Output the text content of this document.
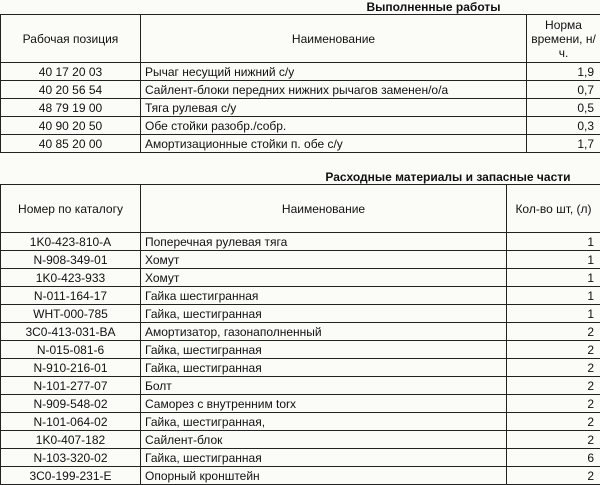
	Выполненные работы	
Рабочая позиция	Наименование	Норма времени, н/ч.
40 17 20 03	Рычаг несущий нижний с/у	1,9
40 20 56 54	Сайлент-блоки передних нижних рычагов заменен/о/а	0,7
48 79 19 00	Тяга рулевая с/у	0,5
40 90 20 50	Обе стойки разобр./собр.	0,3
40 85 20 00	Амортизационные стойки п. обе с/у	1,7
	Расходные материалы и запасные части	
Номер по каталогу	Наименование	Кол-во шт, (л)
1K0-423-810-A	Поперечная рулевая тяга	1
N-908-349-01	Хомут	1
1K0-423-933	Хомут	1
N-011-164-17	Гайка шестигранная	1
WHT-000-785	Гайка, шестигранная	1
3C0-413-031-BA	Амортизатор, газонаполненный	2
N-015-081-6	Гайка, шестигранная	2
N-910-216-01	Гайка, шестигранная	2
N-101-277-07	Болт	2
N-909-548-02	Саморез с внутренним torx	2
N-101-064-02	Гайка, шестигранная,	2
1K0-407-182	Сайлент-блок	2
N-103-320-02	Гайка, шестигранная	6
3C0-199-231-E	Опорный кронштейн	2
